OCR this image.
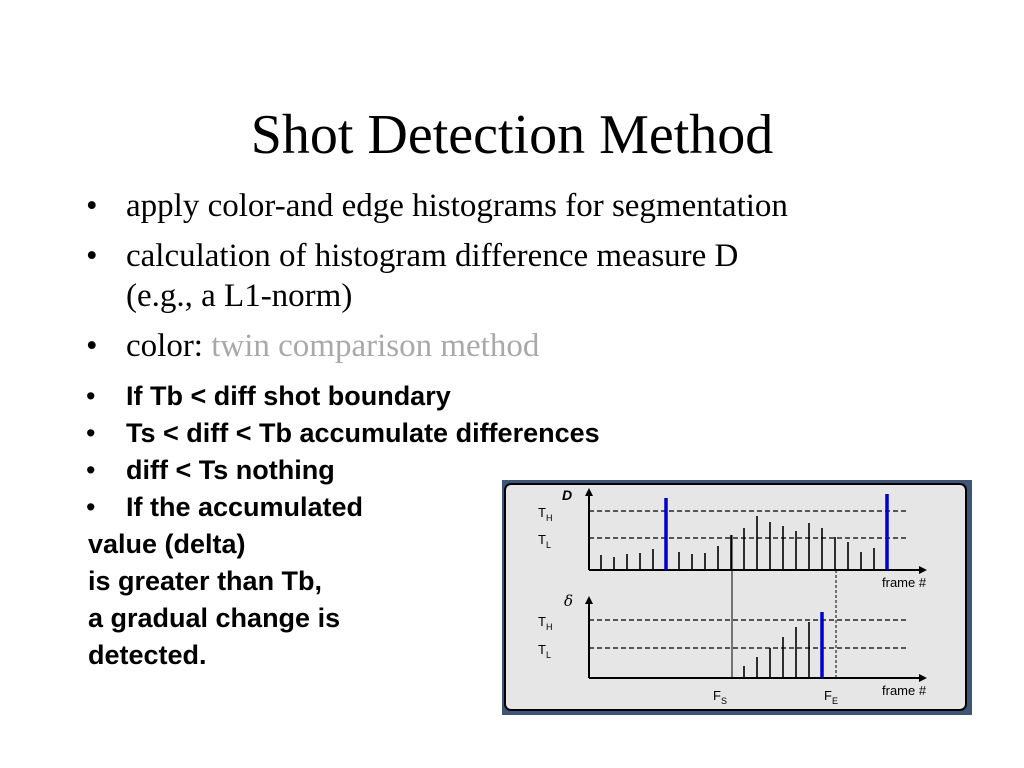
Shot Detection Method
• apply color-and edge histograms for segmentation
• calculation of histogram difference measure D
(e.g., a L1-norm)
• color: twin comparison method
• If Tb < diff shot boundary
• Ts < diff < Tb accumulate differences
• diff < Ts nothing
• If the accumulated
value (delta)
is greater than Tb,
a gradual change is
detected.
D
$T_H$
$T_L$
frame #
δ
$T_H$
$T_L$
frame #
$F_S$	$F_E$
